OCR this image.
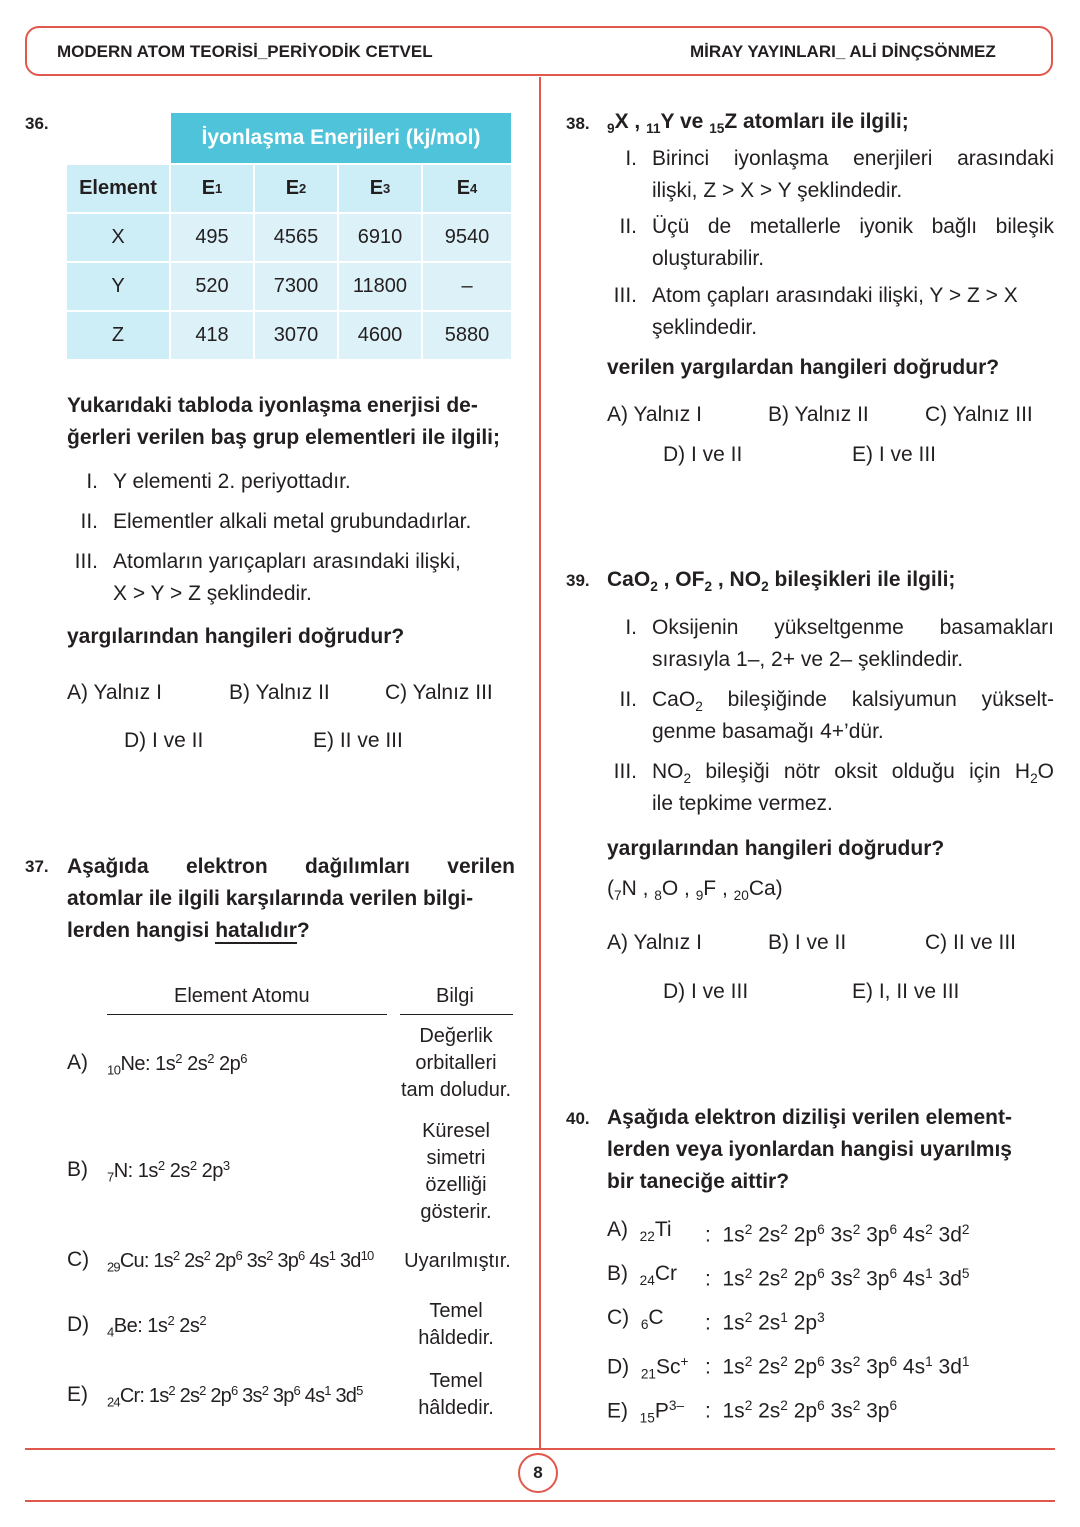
MODERN ATOM TEORİSİ_PERİYODİK CETVEL	MİRAY YAYINLARI_ ALİ DİNÇSÖNMEZ
8
36.
İyonlaşma Enerjileri (kj/mol)
Element	E 1	E 2	E 3	E 4
X	495	4565	6910	9540
Y	520	7300	11800	–
Z	418	3070	4600	5880
Yukarıdaki tabloda iyonlaşma enerjisi de-
ğerleri verilen baş grup elementleri ile ilgili;
I. Y elementi 2. periyottadır.
II. Elementler alkali metal grubundadırlar.
III. Atomların yarıçapları arasındaki ilişki,
X > Y > Z şeklindedir.
yargılarından hangileri doğrudur?
A) Yalnız I	B) Yalnız II	C) Yalnız III
D) I ve II	E) II ve III
37. Aşağıda elektron dağılımları verilen
atomlar ile ilgili karşılarında verilen bilgi-
lerden hangisi hatalıdır?
Element Atomu	Bilgi
A) $_{10}$Ne: $1s^2$ $2s^2$ $2p^6$
Değerlik
orbitalleri
tam doludur.
B) $_7$N: $1s^2$ $2s^2$ $2p^3$
Küresel
simetri
özelliği
gösterir.
C) $_{29}$Cu: $1s^2$ $2s^2$ $2p^6$ $3s^2$ $3p^6$ $4s^1$ $3d^{10}$ Uyarılmıştır.
D) $_4$Be: $1s^2$ $2s^2$	Temel
hâldedir.
E) $_{24}$Cr: $1s^2$ $2s^2$ $2p^6$ $3s^2$ $3p^6$ $4s^1$ $3d^5$	Temel
hâldedir.
38. $_9$X , $_{11}$Y ve $_{15}$Z atomları ile ilgili;
I. Birinci iyonlaşma enerjileri arasındaki
ilişki, Z > X > Y şeklindedir.
II. Üçü de metallerle iyonik bağlı bileşik
oluşturabilir.
III. Atom çapları arasındaki ilişki, Y > Z > X
şeklindedir.
verilen yargılardan hangileri doğrudur?
A) Yalnız I	B) Yalnız II	C) Yalnız III
D) I ve II	E) I ve III
39. CaO$_2$ , $OF_2$ , $NO_2$ bileşikleri ile ilgili;
I. Oksijenin yükseltgenme basamakları
sırasıyla 1–, 2+ ve 2– şeklindedir.
II. CaO$_2$ bileşiğinde kalsiyumun yükselt-
genme basamağı 4+’dür.
III. $NO_2$ bileşiği nötr oksit olduğu için $H_2O$
ile tepkime vermez.
yargılarından hangileri doğrudur?
($_7N$ , $_8$O , $_9$F , $_{20}$Ca)
A) Yalnız I	B) I ve II	C) II ve III
D) I ve III	E) I, II ve III
40. Aşağıda elektron dizilişi verilen element-
lerden veya iyonlardan hangisi uyarılmış
bir taneciğe aittir?
A)  $_{22}$Ti :  $1s^2$ $2s^2$ $2p^6$ $3s^2$ $3p^6$ $4s^2$ $3d^2$
B)  $_{24}$Cr :  $1s^2$ $2s^2$ $2p^6$ $3s^2$ $3p^6$ $4s^1$ $3d^5$
C)  $_6$C :  $1s^2$ $2s^1$ $2p^3$
D)  $_{21}$Sc+ :  $1s^2$ $2s^2$ $2p^6$ $3s^2$ $3p^6$ $4s^1$ $3d^1$
E)  $_{15}P^{3-}$ :  $1s^2$ $2s^2$ $2p^6$ $3s^2$ $3p^6$
